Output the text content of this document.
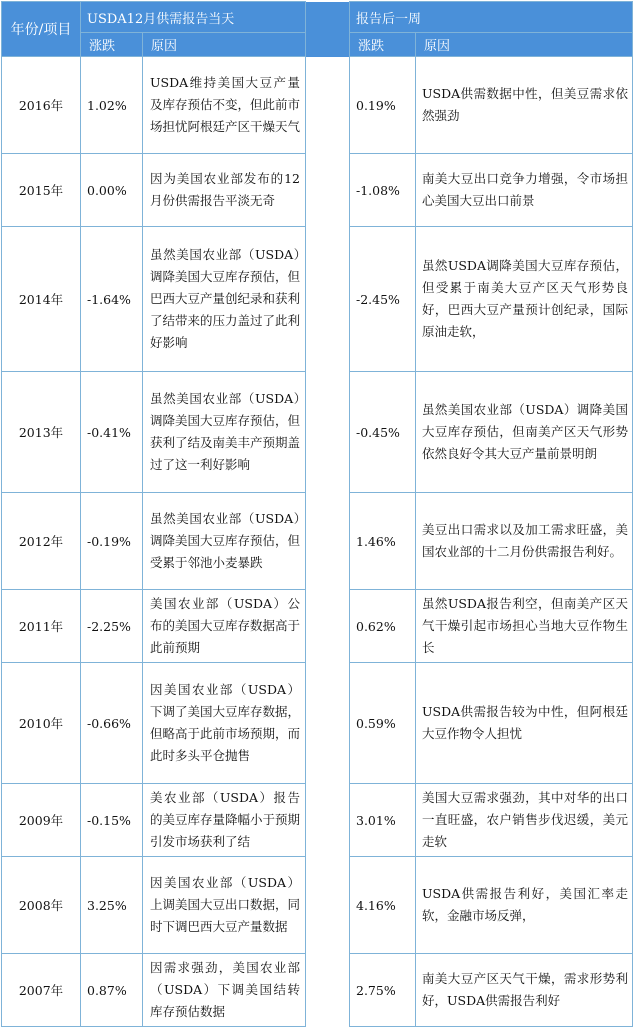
年份/项目	USDA12月供需报告当天			报告后一周	
	涨跌	原因		涨跌	原因
2016年	1.02%	USDA维持美国大豆产量及库存预估不变，但此前市场担忧阿根廷产区干燥天气		0.19%	USDA供需数据中性，但美豆需求依然强劲
2015年	0.00%	因为美国农业部发布的12月份供需报告平淡无奇		-1.08%	南美大豆出口竞争力增强，令市场担心美国大豆出口前景
2014年	-1.64%	虽然美国农业部（USDA）调降美国大豆库存预估，但巴西大豆产量创纪录和获利了结带来的压力盖过了此利好影响		-2.45%	虽然USDA调降美国大豆库存预估，但受累于南美大豆产区天气形势良好，巴西大豆产量预计创纪录，国际原油走软，
2013年	-0.41%	虽然美国农业部（USDA）调降美国大豆库存预估，但获利了结及南美丰产预期盖过了这一利好影响		-0.45%	虽然美国农业部（USDA）调降美国大豆库存预估，但南美产区天气形势依然良好令其大豆产量前景明朗
2012年	-0.19%	虽然美国农业部（USDA）调降美国大豆库存预估，但受累于邻池小麦暴跌		1.46%	美豆出口需求以及加工需求旺盛，美国农业部的十二月份供需报告利好。
2011年	-2.25%	美国农业部（USDA）公布的美国大豆库存数据高于此前预期		0.62%	虽然USDA报告利空，但南美产区天气干燥引起市场担心当地大豆作物生长
2010年	-0.66%	因美国农业部（USDA）下调了美国大豆库存数据，但略高于此前市场预期，而此时多头平仓抛售		0.59%	USDA供需报告较为中性，但阿根廷大豆作物令人担忧
2009年	-0.15%	美农业部（USDA）报告的美豆库存量降幅小于预期引发市场获利了结		3.01%	美国大豆需求强劲，其中对华的出口一直旺盛，农户销售步伐迟缓，美元走软
2008年	3.25%	因美国农业部（USDA）上调美国大豆出口数据，同时下调巴西大豆产量数据		4.16%	USDA供需报告利好，美国汇率走软，金融市场反弹，
2007年	0.87%	因需求强劲，美国农业部（USDA）下调美国结转库存预估数据		2.75%	南美大豆产区天气干燥，需求形势利好，USDA供需报告利好
